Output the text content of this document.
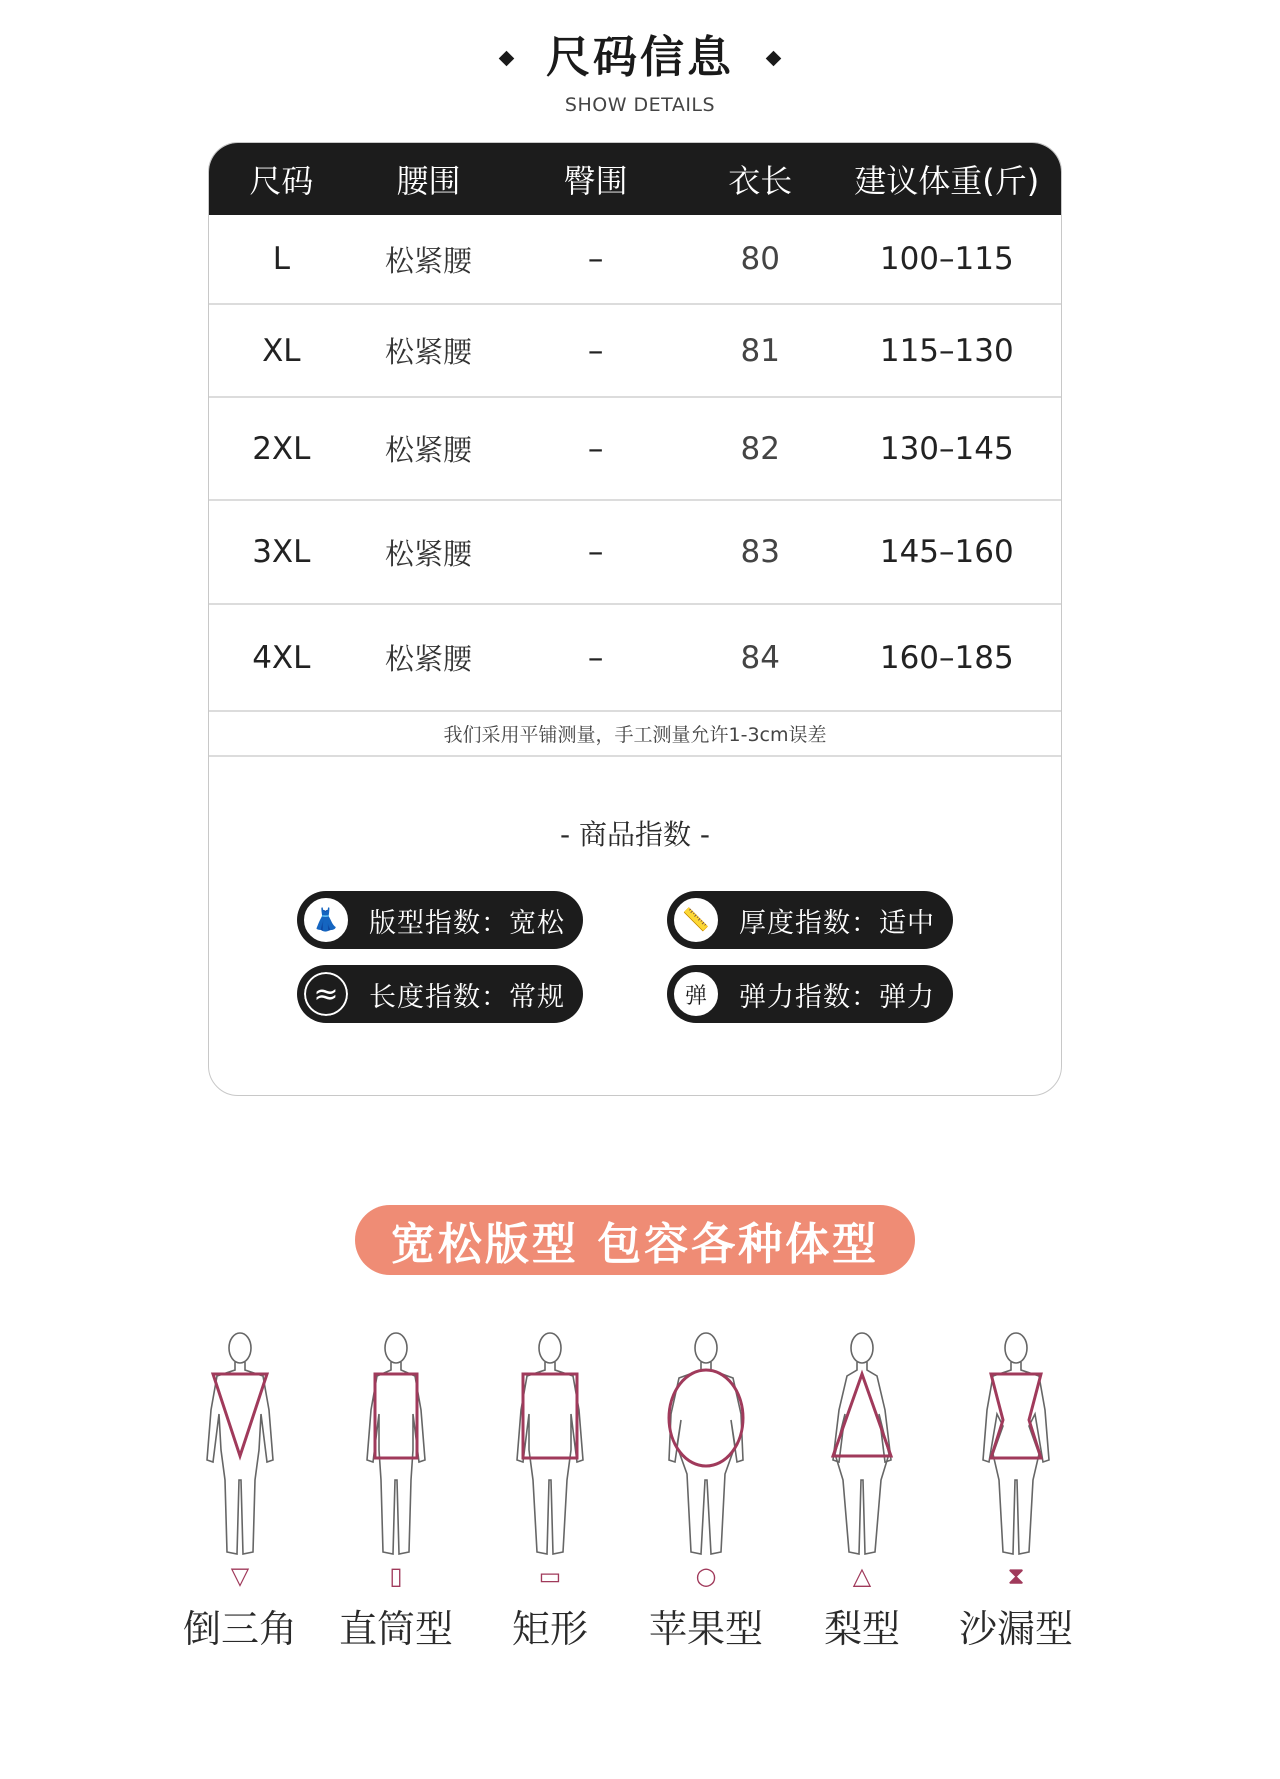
尺码信息
SHOW DETAILS
尺码	腰围	臀围	衣长	建议体重(斤)
L	松紧腰	–	80	100–115
XL	松紧腰	–	81	115–130
2XL	松紧腰	–	82	130–145
3XL	松紧腰	–	83	145–160
4XL	松紧腰	–	84	160–185
我们采用平铺测量，手工测量允许1-3cm误差
- 商品指数 -
👗	版型指数：宽松	📏	厚度指数：适中
≈	长度指数：常规	弹	弹力指数：弹力
宽松版型 包容各种体型
▽
倒三角
▯
直筒型
▭
矩形
○
苹果型
△
梨型
⧗
沙漏型
